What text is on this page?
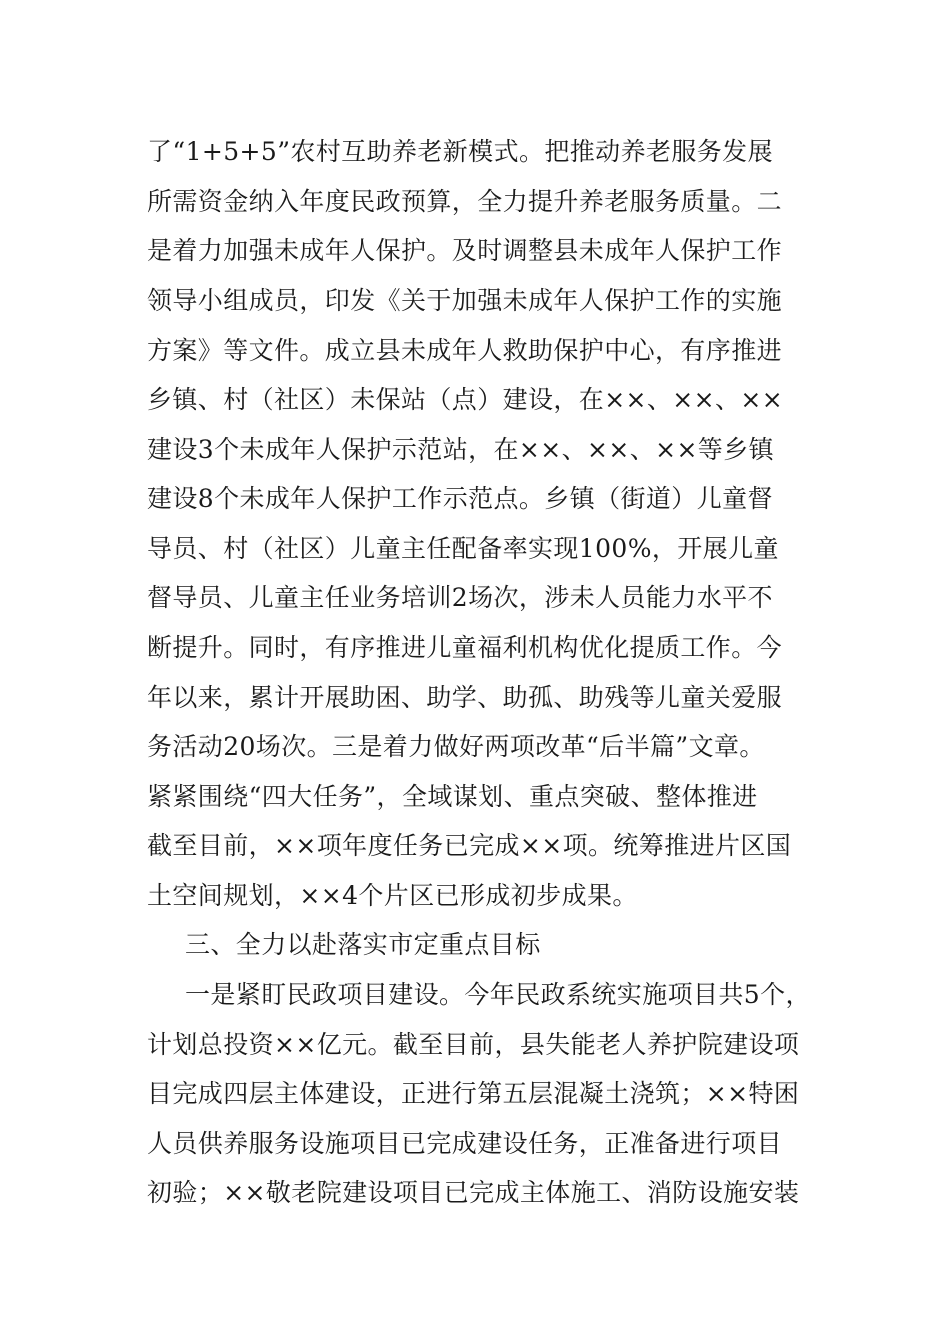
了“1+5+5”农村互助养老新模式。把推动养老服务发展
所需资金纳入年度民政预算，全力提升养老服务质量。二
是着力加强未成年人保护。及时调整县未成年人保护工作
领导小组成员，印发《关于加强未成年人保护工作的实施
方案》等文件。成立县未成年人救助保护中心，有序推进
乡镇、村（社区）未保站（点）建设，在××、××、××
建设3个未成年人保护示范站，在××、××、××等乡镇
建设8个未成年人保护工作示范点。乡镇（街道）儿童督
导员、村（社区）儿童主任配备率实现100%，开展儿童
督导员、儿童主任业务培训2场次，涉未人员能力水平不
断提升。同时，有序推进儿童福利机构优化提质工作。今
年以来，累计开展助困、助学、助孤、助残等儿童关爱服
务活动20场次。三是着力做好两项改革“后半篇”文章。
紧紧围绕“四大任务”，全域谋划、重点突破、整体推进
截至目前，××项年度任务已完成××项。统筹推进片区国
土空间规划，××4个片区已形成初步成果。
三、全力以赴落实市定重点目标
一是紧盯民政项目建设。今年民政系统实施项目共5个，
计划总投资××亿元。截至目前，县失能老人养护院建设项
目完成四层主体建设，正进行第五层混凝土浇筑；××特困
人员供养服务设施项目已完成建设任务，正准备进行项目
初验；××敬老院建设项目已完成主体施工、消防设施安装
